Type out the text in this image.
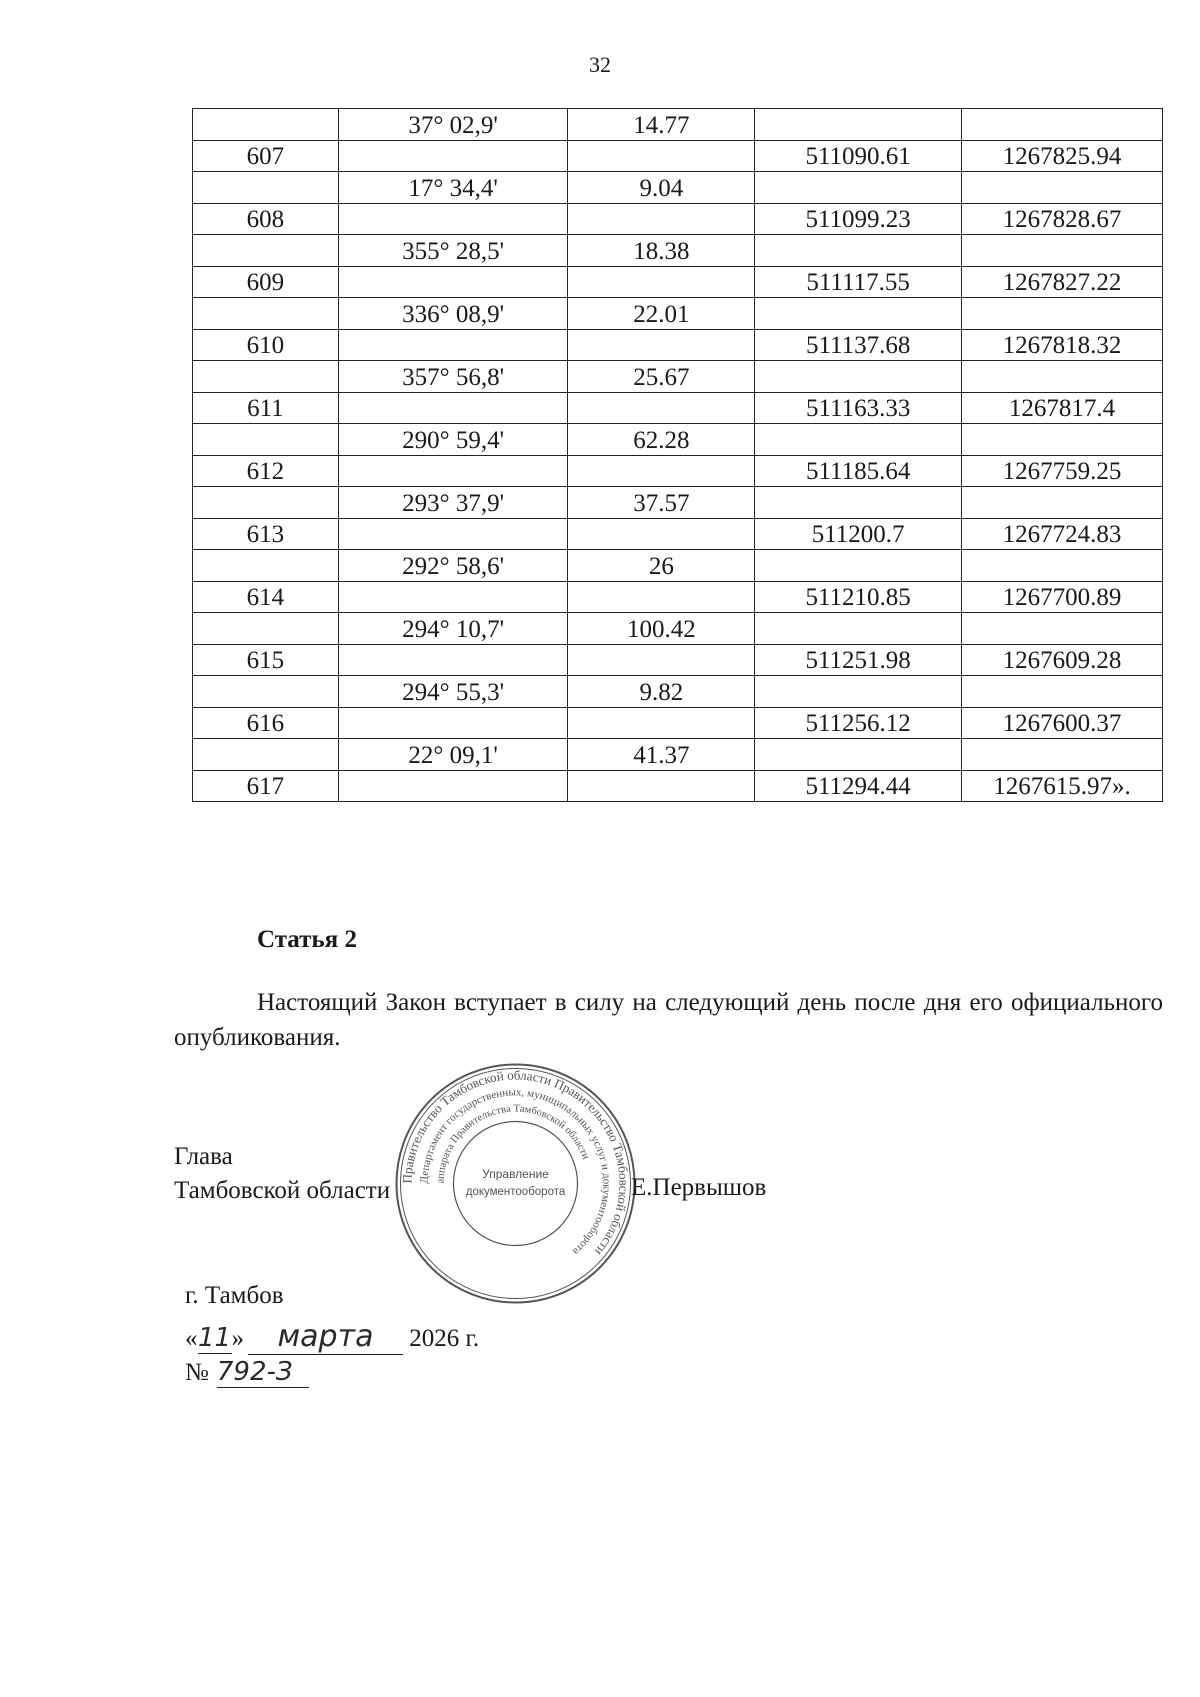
32
	37° 02,9'	14.77		
607			511090.61	1267825.94
	17° 34,4'	9.04		
608			511099.23	1267828.67
	355° 28,5'	18.38		
609			511117.55	1267827.22
	336° 08,9'	22.01		
610			511137.68	1267818.32
	357° 56,8'	25.67		
611			511163.33	1267817.4
	290° 59,4'	62.28		
612			511185.64	1267759.25
	293° 37,9'	37.57		
613			511200.7	1267724.83
	292° 58,6'	26		
614			511210.85	1267700.89
	294° 10,7'	100.42		
615			511251.98	1267609.28
	294° 55,3'	9.82		
616			511256.12	1267600.37
	22° 09,1'	41.37		
617			511294.44	1267615.97».
Статья 2
Настоящий Закон вступает в силу на следующий день после дня его официального опубликования.
Глава
Тамбовской области Правительство Тамбовской области Правительство Тамбовской области
Департамент государственных, муниципальных услуг и документооборота
аппарата Правительства Тамбовской области
Управление
документооборота	Е.Первышов
г. Тамбов
«11» марта 2026 г.
№ 792-З
